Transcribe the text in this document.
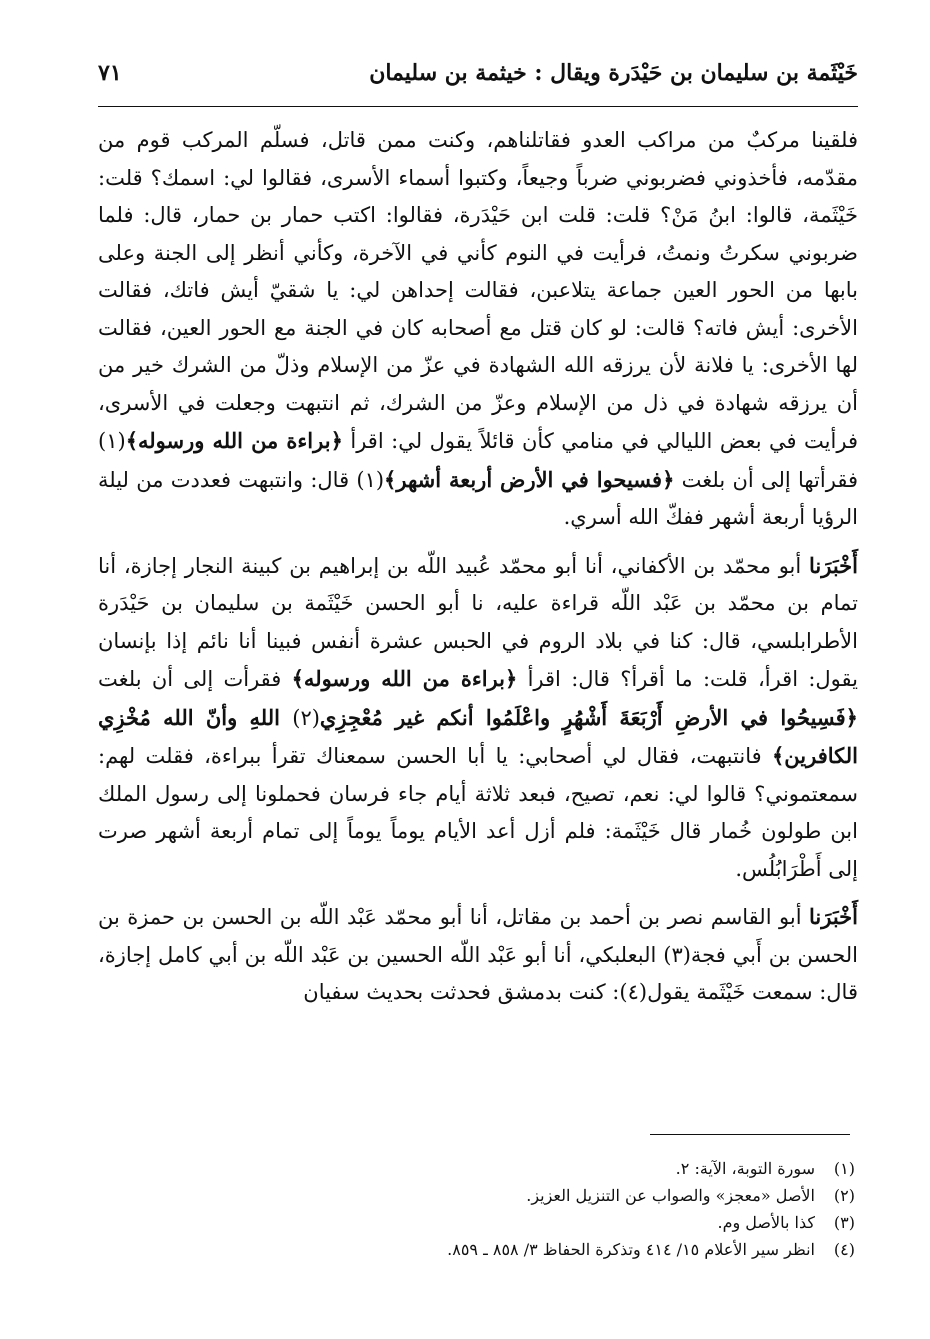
خَيْثَمة بن سليمان بن حَيْدَرة ويقال : خيثمة بن سليمان
٧١

فلقينا مركبٌ من مراكب العدو فقاتلناهم، وكنت ممن قاتل، فسلّم المركب قوم من مقدّمه، فأخذوني فضربوني ضرباً وجيعاً، وكتبوا أسماء الأسرى، فقالوا لي: اسمك؟ قلت: خَيْثَمة، قالوا: ابنُ مَنْ؟ قلت: قلت ابن حَيْدَرة، فقالوا: اكتب حمار بن حمار، قال: فلما ضربوني سكرتُ ونمتُ، فرأيت في النوم كأني في الآخرة، وكأني أنظر إلى الجنة وعلى بابها من الحور العين جماعة يتلاعبن، فقالت إحداهن لي: يا شقيّ أيش فاتك، فقالت الأخرى: أيش فاته؟ قالت: لو كان قتل مع أصحابه كان في الجنة مع الحور العين، فقالت لها الأخرى: يا فلانة لأن يرزقه الله الشهادة في عزّ من الإسلام وذلّ من الشرك خير من أن يرزقه شهادة في ذل من الإسلام وعزّ من الشرك، ثم انتبهت وجعلت في الأسرى، فرأيت في بعض الليالي في منامي كأن قائلاً يقول لي: اقرأ ﴿براءة من الله ورسوله﴾(١) فقرأتها إلى أن بلغت ﴿فسيحوا في الأرض أربعة أشهر﴾(١) قال: وانتبهت فعددت من ليلة الرؤيا أربعة أشهر ففكّ الله أسري.

أَخْبَرَنا أبو محمّد بن الأكفاني، أنا أبو محمّد عُبيد اللّه بن إبراهيم بن كبينة النجار إجازة، أنا تمام بن محمّد بن عَبْد اللّه قراءة عليه، نا أبو الحسن خَيْثَمة بن سليمان بن حَيْدَرة الأطرابلسي، قال: كنا في بلاد الروم في الحبس عشرة أنفس فبينا أنا نائم إذا بإنسان يقول: اقرأ، قلت: ما أقرأ؟ قال: اقرأ ﴿براءة من الله ورسوله﴾ فقرأت إلى أن بلغت ﴿فَسِيحُوا في الأرضِ أَرْبَعَةَ أَشْهُرٍ واعْلَمُوا أنكم غير مُعْجِزِي(٢) اللهِ وأنّ الله مُخْزِي الكافرين﴾ فانتبهت، فقال لي أصحابي: يا أبا الحسن سمعناك تقرأ ببراءة، فقلت لهم: سمعتموني؟ قالوا لي: نعم، تصيح، فبعد ثلاثة أيام جاء فرسان فحملونا إلى رسول الملك ابن طولون خُمار قال خَيْثَمة: فلم أزل أعد الأيام يوماً يوماً إلى تمام أربعة أشهر صرت إلى أَطْرَابُلُس.

أَخْبَرَنا أبو القاسم نصر بن أحمد بن مقاتل، أنا أبو محمّد عَبْد اللّه بن الحسن بن حمزة بن الحسن بن أَبي فجة(٣) البعلبكي، أنا أبو عَبْد اللّه الحسين بن عَبْد اللّه بن أبي كامل إجازة، قال: سمعت خَيْثَمة يقول(٤): كنت بدمشق فحدثت بحديث سفيان

(١)سورة التوبة، الآية: ٢.
(٢)الأصل «معجز» والصواب عن التنزيل العزيز.
(٣)كذا بالأصل وم.
(٤)انظر سير الأعلام ١٥/ ٤١٤ وتذكرة الحفاظ ٣/ ٨٥٨ ـ ٨٥٩.
